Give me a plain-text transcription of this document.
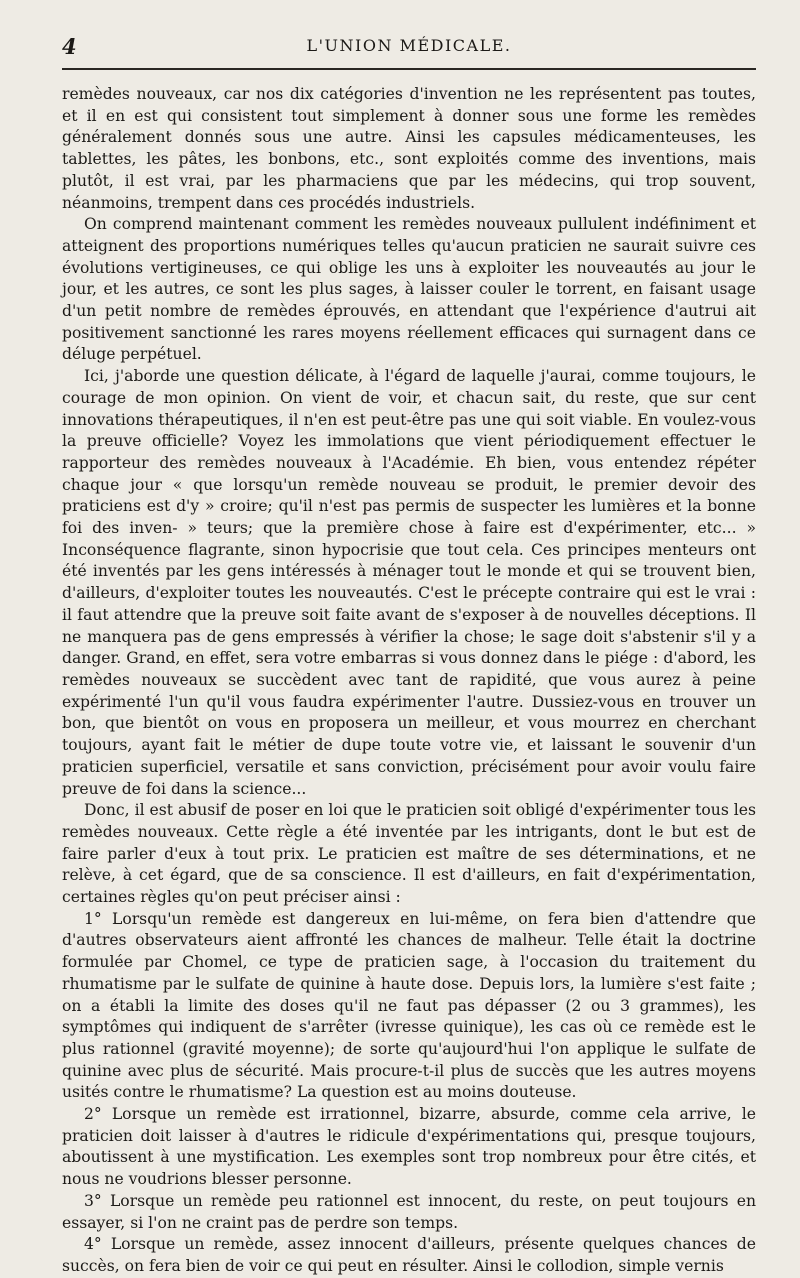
4	L'UNION MÉDICALE.

remèdes nouveaux, car nos dix catégories d'invention ne les représentent pas toutes, et il en est qui consistent tout simplement à donner sous une forme les remèdes généralement donnés sous une autre. Ainsi les capsules médicamenteuses, les tablettes, les pâtes, les bonbons, etc., sont exploités comme des inventions, mais plutôt, il est vrai, par les pharmaciens que par les médecins, qui trop souvent, néanmoins, trempent dans ces procédés industriels.

On comprend maintenant comment les remèdes nouveaux pullulent indéfiniment et atteignent des proportions numériques telles qu'aucun praticien ne saurait suivre ces évolutions vertigineuses, ce qui oblige les uns à exploiter les nouveautés au jour le jour, et les autres, ce sont les plus sages, à laisser couler le torrent, en faisant usage d'un petit nombre de remèdes éprouvés, en attendant que l'expérience d'autrui ait positivement sanctionné les rares moyens réellement efficaces qui surnagent dans ce déluge perpétuel.

Ici, j'aborde une question délicate, à l'égard de laquelle j'aurai, comme toujours, le courage de mon opinion. On vient de voir, et chacun sait, du reste, que sur cent innovations thérapeutiques, il n'en est peut-être pas une qui soit viable. En voulez-vous la preuve officielle? Voyez les immolations que vient périodiquement effectuer le rapporteur des remèdes nouveaux à l'Académie. Eh bien, vous entendez répéter chaque jour « que lorsqu'un remède nouveau se produit, le premier devoir des praticiens est d'y » croire; qu'il n'est pas permis de suspecter les lumières et la bonne foi des inven- » teurs; que la première chose à faire est d'expérimenter, etc... » Inconséquence flagrante, sinon hypocrisie que tout cela. Ces principes menteurs ont été inventés par les gens intéressés à ménager tout le monde et qui se trouvent bien, d'ailleurs, d'exploiter toutes les nouveautés. C'est le précepte contraire qui est le vrai : il faut attendre que la preuve soit faite avant de s'exposer à de nouvelles déceptions. Il ne manquera pas de gens empressés à vérifier la chose; le sage doit s'abstenir s'il y a danger. Grand, en effet, sera votre embarras si vous donnez dans le piége : d'abord, les remèdes nouveaux se succèdent avec tant de rapidité, que vous aurez à peine expérimenté l'un qu'il vous faudra expérimenter l'autre. Dussiez-vous en trouver un bon, que bientôt on vous en proposera un meilleur, et vous mourrez en cherchant toujours, ayant fait le métier de dupe toute votre vie, et laissant le souvenir d'un praticien superficiel, versatile et sans conviction, précisément pour avoir voulu faire preuve de foi dans la science...

Donc, il est abusif de poser en loi que le praticien soit obligé d'expérimenter tous les remèdes nouveaux. Cette règle a été inventée par les intrigants, dont le but est de faire parler d'eux à tout prix. Le praticien est maître de ses déterminations, et ne relève, à cet égard, que de sa conscience. Il est d'ailleurs, en fait d'expérimentation, certaines règles qu'on peut préciser ainsi :

1° Lorsqu'un remède est dangereux en lui-même, on fera bien d'attendre que d'autres observateurs aient affronté les chances de malheur. Telle était la doctrine formulée par Chomel, ce type de praticien sage, à l'occasion du traitement du rhumatisme par le sulfate de quinine à haute dose. Depuis lors, la lumière s'est faite ; on a établi la limite des doses qu'il ne faut pas dépasser (2 ou 3 grammes), les symptômes qui indiquent de s'arrêter (ivresse quinique), les cas où ce remède est le plus rationnel (gravité moyenne); de sorte qu'aujourd'hui l'on applique le sulfate de quinine avec plus de sécurité. Mais procure-t-il plus de succès que les autres moyens usités contre le rhumatisme? La question est au moins douteuse.

2° Lorsque un remède est irrationnel, bizarre, absurde, comme cela arrive, le praticien doit laisser à d'autres le ridicule d'expérimentations qui, presque toujours, aboutissent à une mystification. Les exemples sont trop nombreux pour être cités, et nous ne voudrions blesser personne.

3° Lorsque un remède peu rationnel est innocent, du reste, on peut toujours en essayer, si l'on ne craint pas de perdre son temps.

4° Lorsque un remède, assez innocent d'ailleurs, présente quelques chances de succès, on fera bien de voir ce qui peut en résulter. Ainsi le collodion, simple vernis
